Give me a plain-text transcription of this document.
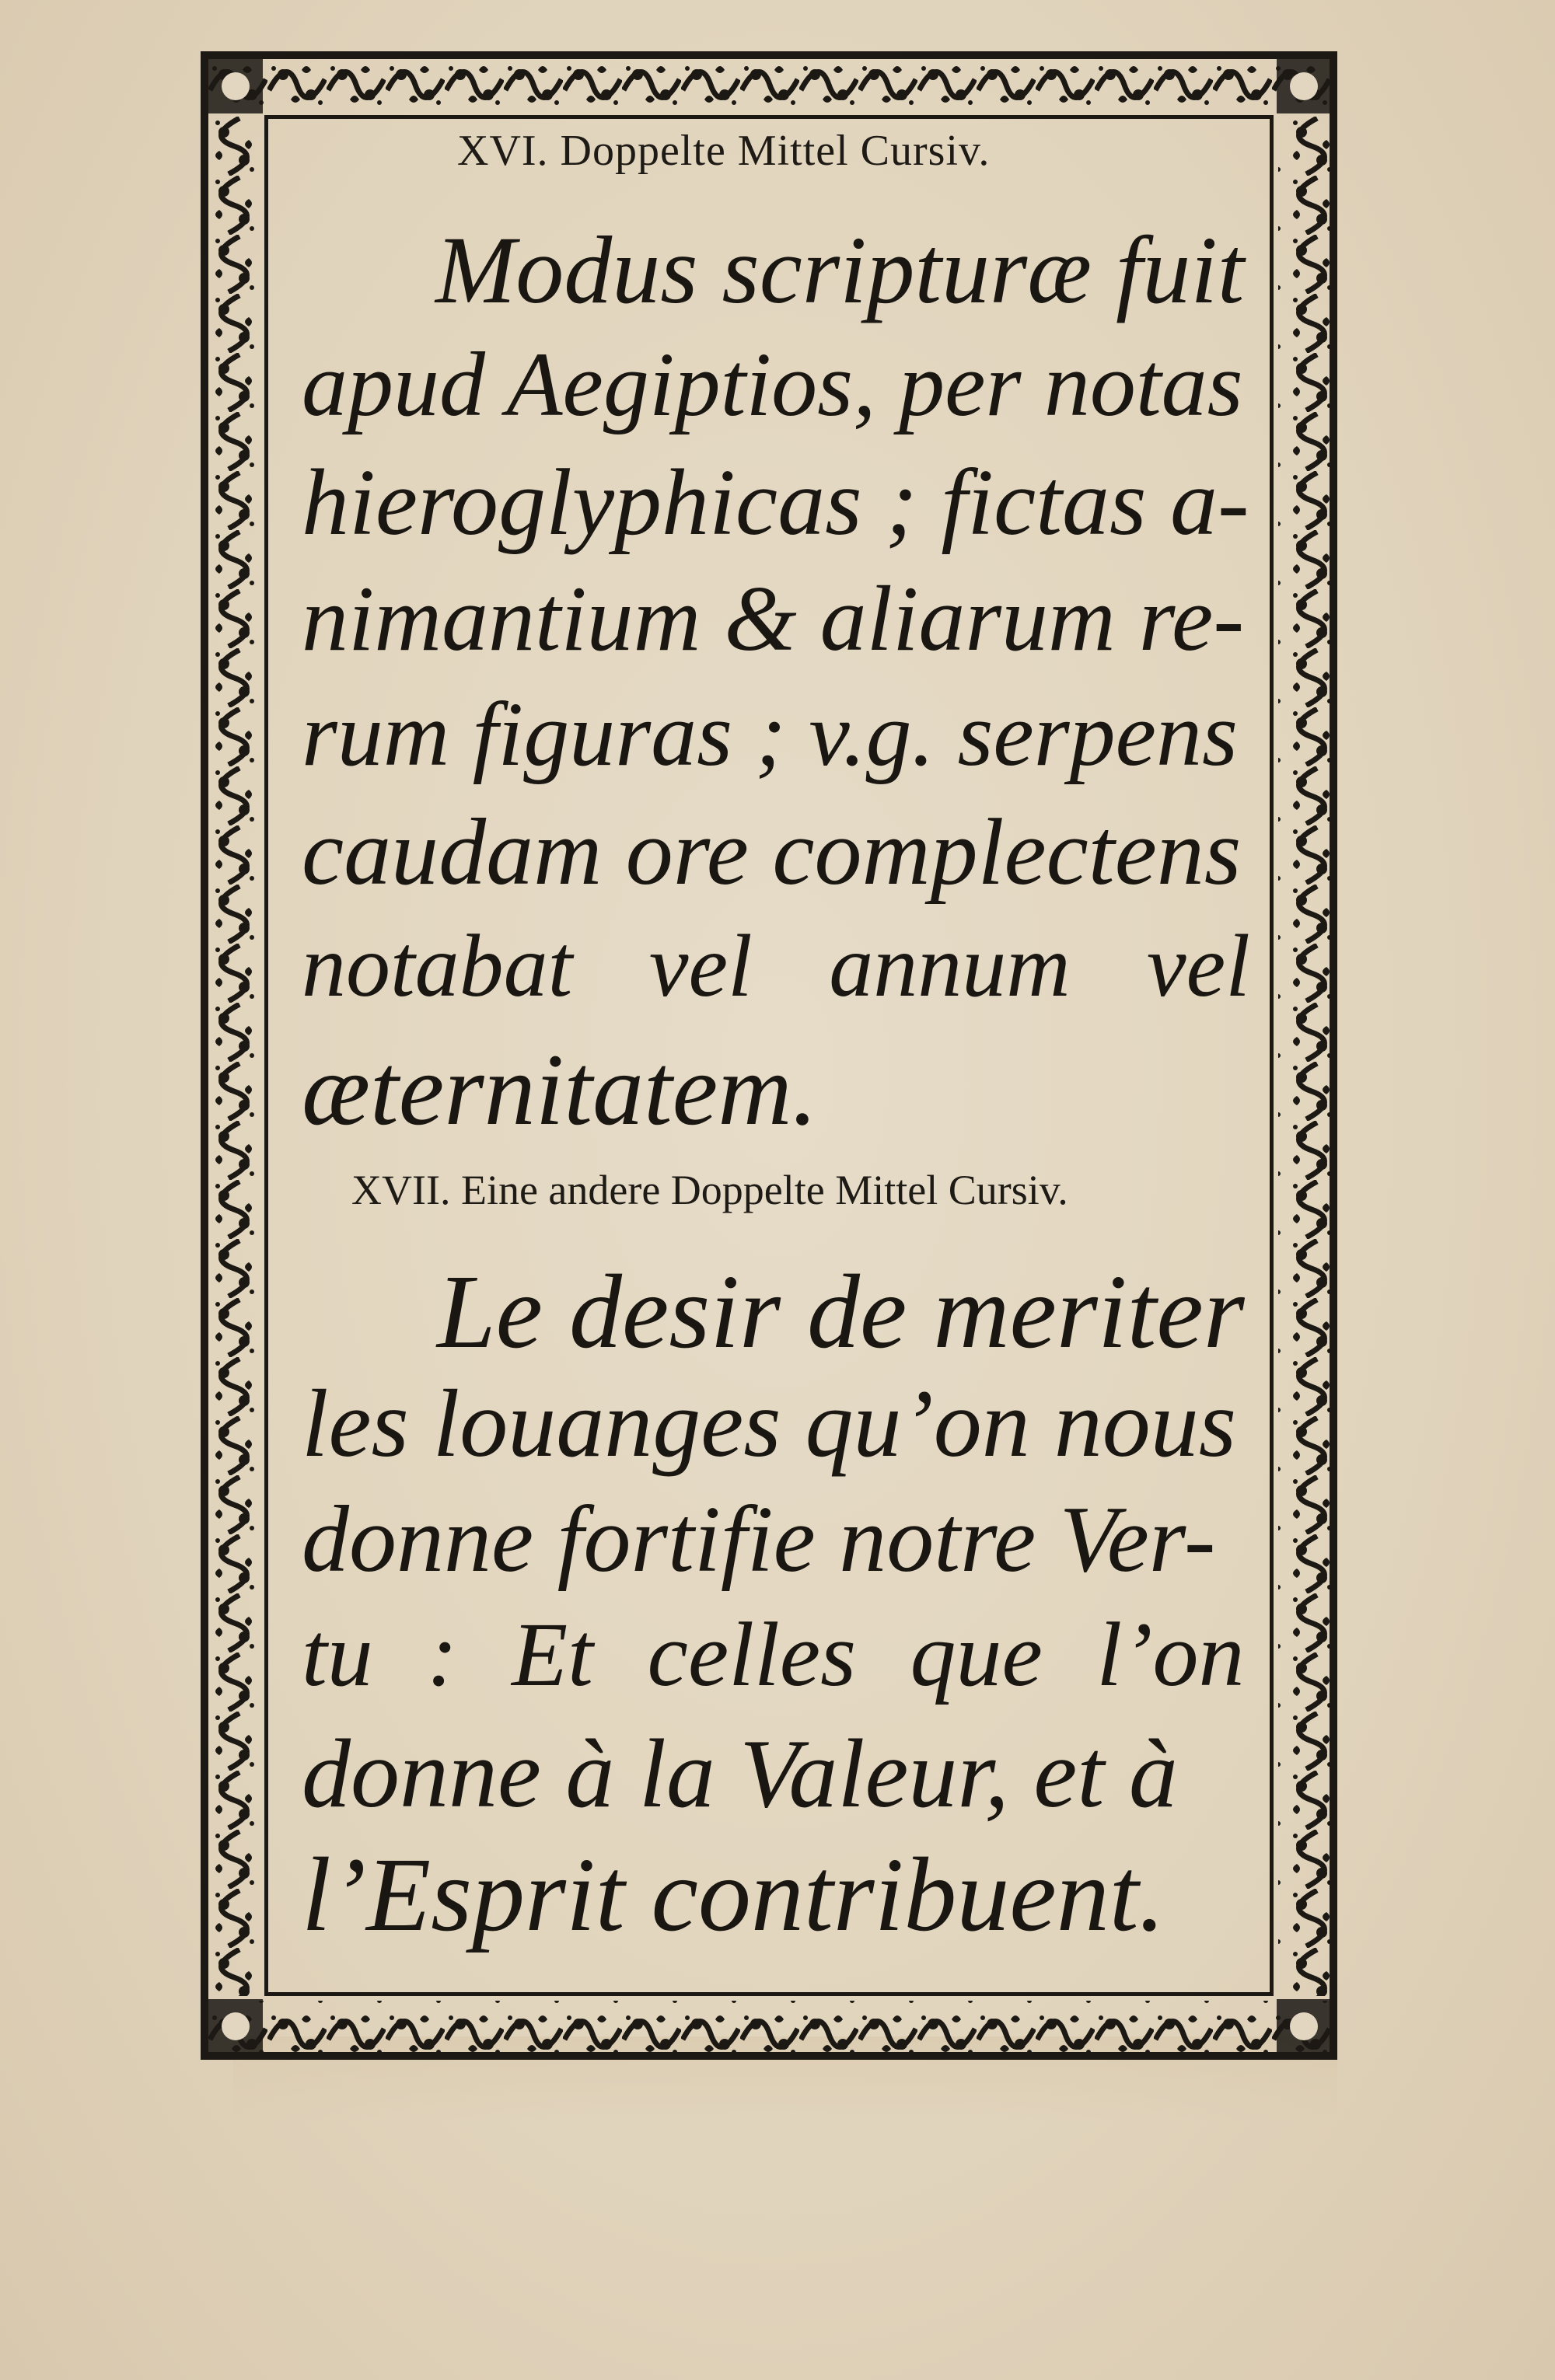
XVI. Doppelte Mittel Cursiv.
Modus scripturæ fuit
apud Aegiptios, per notas
hieroglyphicas ; fictas a-
nimantium & aliarum re-
rum figuras ; v.g. serpens
caudam ore complectens
notabat vel annum vel
æternitatem.
XVII. Eine andere Doppelte Mittel Cursiv.
Le desir de meriter
les louanges qu’on nous
donne fortifie notre Ver-
tu : Et celles que l’on
donne à la Valeur, et à
l’Esprit contribuent.
